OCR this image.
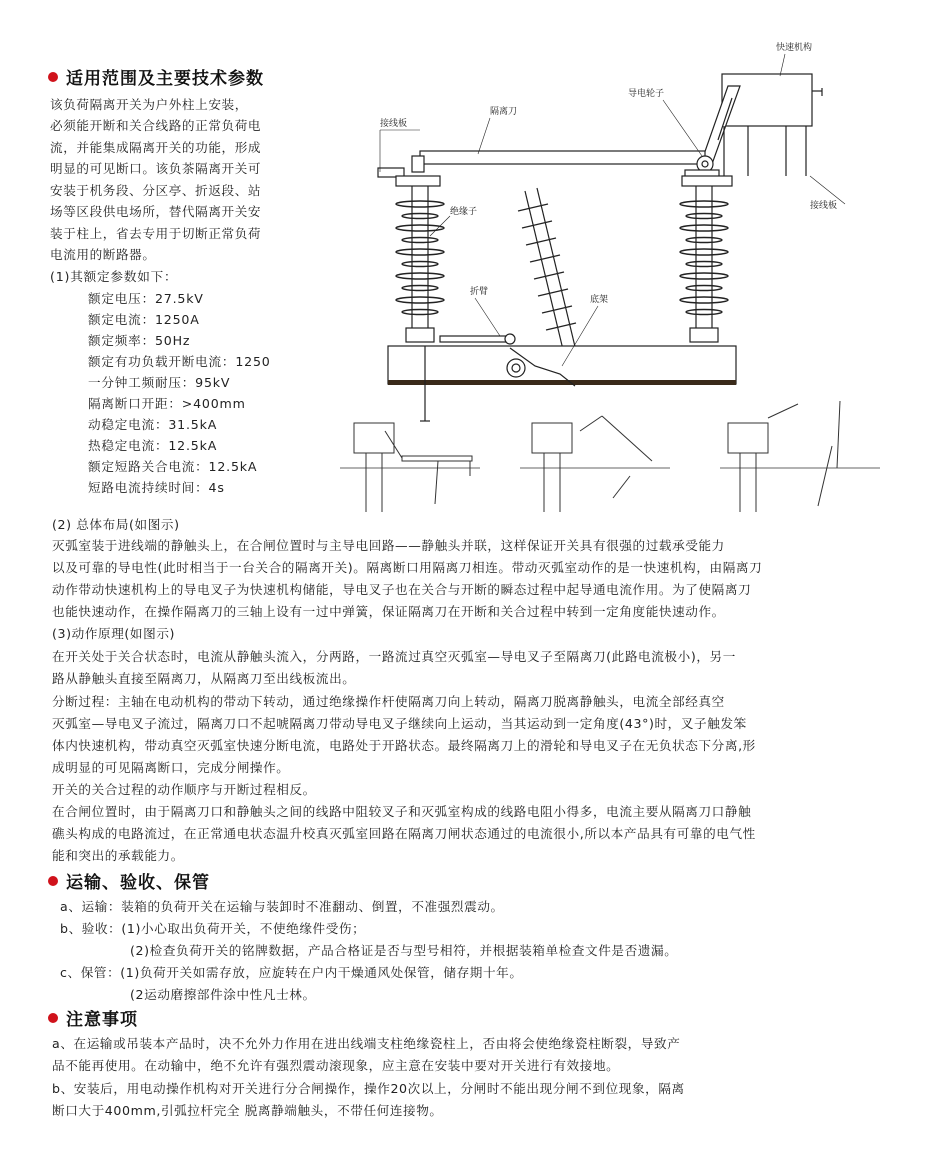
适用范围及主要技术参数
该负荷隔离开关为户外柱上安装，
必须能开断和关合线路的正常负荷电
流，并能集成隔离开关的功能，形成
明显的可见断口。该负茶隔离开关可
安装于机务段、分区亭、折返段、站
场等区段供电场所，替代隔离开关安
装于柱上，省去专用于切断正常负荷
电流用的断路器。
(1)其额定参数如下：
额定电压：27.5kV
额定电流：1250A
额定频率：50Hz
额定有功负载开断电流：1250
一分钟工频耐压：95kV
隔离断口开距：>400mm
动稳定电流：31.5kA
热稳定电流：12.5kA
额定短路关合电流：12.5kA
短路电流持续时间：4s
快速机构
导电轮子
隔离刀
接线板
接线板
绝缘子
折臂
底架
(2) 总体布局(如图示)
灭弧室装于进线端的静触头上，在合闸位置时与主导电回路——静触头并联，这样保证开关具有很强的过载承受能力
以及可靠的导电性(此时相当于一台关合的隔离开关)。隔离断口用隔离刀相连。带动灭弧室动作的是一快速机构，由隔离刀
动作带动快速机构上的导电叉子为快速机构储能，导电叉子也在关合与开断的瞬态过程中起导通电流作用。为了使隔离刀
也能快速动作，在操作隔离刀的三轴上设有一过中弹簧，保证隔离刀在开断和关合过程中转到一定角度能快速动作。
(3)动作原理(如图示)
在开关处于关合状态时，电流从静触头流入，分两路，一路流过真空灭弧室—导电叉子至隔离刀(此路电流极小)，另一
路从静触头直接至隔离刀，从隔离刀至出线板流出。
分断过程：主轴在电动机构的带动下转动，通过绝缘操作杆使隔离刀向上转动，隔离刀脱离静触头，电流全部经真空
灭弧室—导电叉子流过，隔离刀口不起唬隔离刀带动导电叉子继续向上运动，当其运动到一定角度(43°)时，叉子触发笨
体内快速机构，带动真空灭弧室快速分断电流，电路处于开路状态。最终隔离刀上的滑轮和导电叉子在无负状态下分离,形
成明显的可见隔离断口，完成分闸操作。
开关的关合过程的动作顺序与开断过程相反。
在合闸位置时，由于隔离刀口和静触头之间的线路中阻较叉子和灭弧室构成的线路电阻小得多，电流主要从隔离刀口静触
礁头构成的电路流过，在正常通电状态温升校真灭弧室回路在隔离刀闸状态通过的电流很小,所以本产品具有可靠的电气性
能和突出的承载能力。
运输、验收、保管
a、运输：装箱的负荷开关在运输与装卸时不准翻动、倒置，不准强烈震动。
b、验收：(1)小心取出负荷开关，不使绝缘件受伤；
(2)检查负荷开关的铭牌数据，产品合格证是否与型号相符，并根据装箱单检查文件是否遗漏。
c、保管：(1)负荷开关如需存放，应旋转在户内干燥通风处保管，储存期十年。
(2运动磨擦部件涂中性凡士林。
注意事项
a、在运输或吊装本产品时，决不允外力作用在进出线端支柱绝缘瓷柱上，否由将会使绝缘瓷柱断裂，导致产
品不能再使用。在动输中，绝不允许有强烈震动滚现象，应主意在安装中要对开关进行有效接地。
b、安装后，用电动操作机构对开关进行分合闸操作，操作20次以上，分闸时不能出现分闸不到位现象，隔离
断口大于400mm,引弧拉杆完全 脱离静端触头，不带任何连接物。
